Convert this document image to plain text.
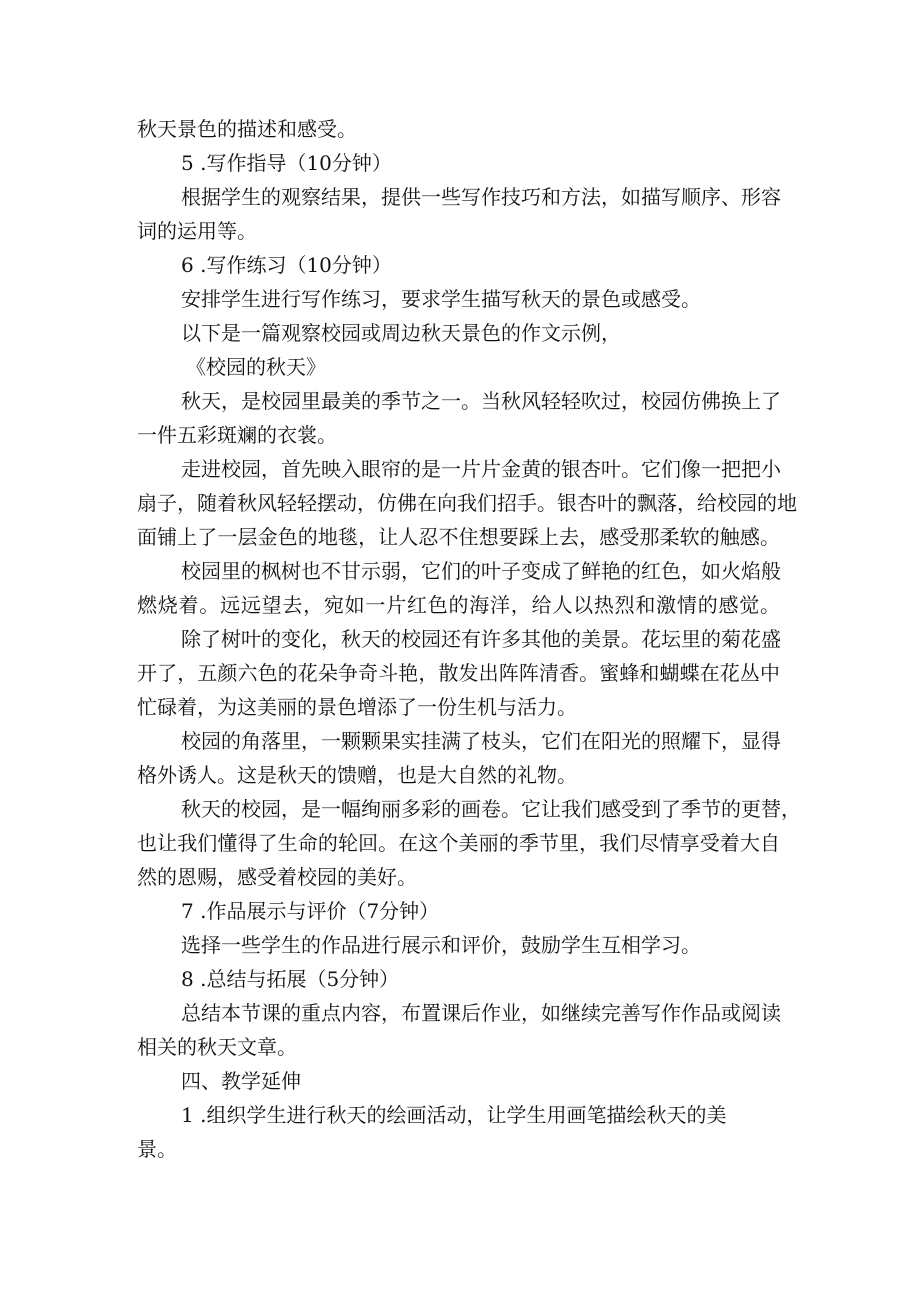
秋天景色的描述和感受。

5 .写作指导（10分钟）

根据学生的观察结果，提供一些写作技巧和方法，如描写顺序、形容

词的运用等。

6 .写作练习（10分钟）

安排学生进行写作练习，要求学生描写秋天的景色或感受。

以下是一篇观察校园或周边秋天景色的作文示例，

《校园的秋天》

秋天，是校园里最美的季节之一。当秋风轻轻吹过，校园仿佛换上了

一件五彩斑斓的衣裳。

走进校园，首先映入眼帘的是一片片金黄的银杏叶。它们像一把把小

扇子，随着秋风轻轻摆动，仿佛在向我们招手。银杏叶的飘落，给校园的地

面铺上了一层金色的地毯，让人忍不住想要踩上去，感受那柔软的触感。

校园里的枫树也不甘示弱，它们的叶子变成了鲜艳的红色，如火焰般

燃烧着。远远望去，宛如一片红色的海洋，给人以热烈和激情的感觉。

除了树叶的变化，秋天的校园还有许多其他的美景。花坛里的菊花盛

开了，五颜六色的花朵争奇斗艳，散发出阵阵清香。蜜蜂和蝴蝶在花丛中

忙碌着，为这美丽的景色增添了一份生机与活力。

校园的角落里，一颗颗果实挂满了枝头，它们在阳光的照耀下，显得

格外诱人。这是秋天的馈赠，也是大自然的礼物。

秋天的校园，是一幅绚丽多彩的画卷。它让我们感受到了季节的更替，

也让我们懂得了生命的轮回。在这个美丽的季节里，我们尽情享受着大自

然的恩赐，感受着校园的美好。

7 .作品展示与评价（7分钟）

选择一些学生的作品进行展示和评价，鼓励学生互相学习。

8 .总结与拓展（5分钟）

总结本节课的重点内容，布置课后作业，如继续完善写作作品或阅读

相关的秋天文章。

四、教学延伸

1 .组织学生进行秋天的绘画活动，让学生用画笔描绘秋天的美

景。
